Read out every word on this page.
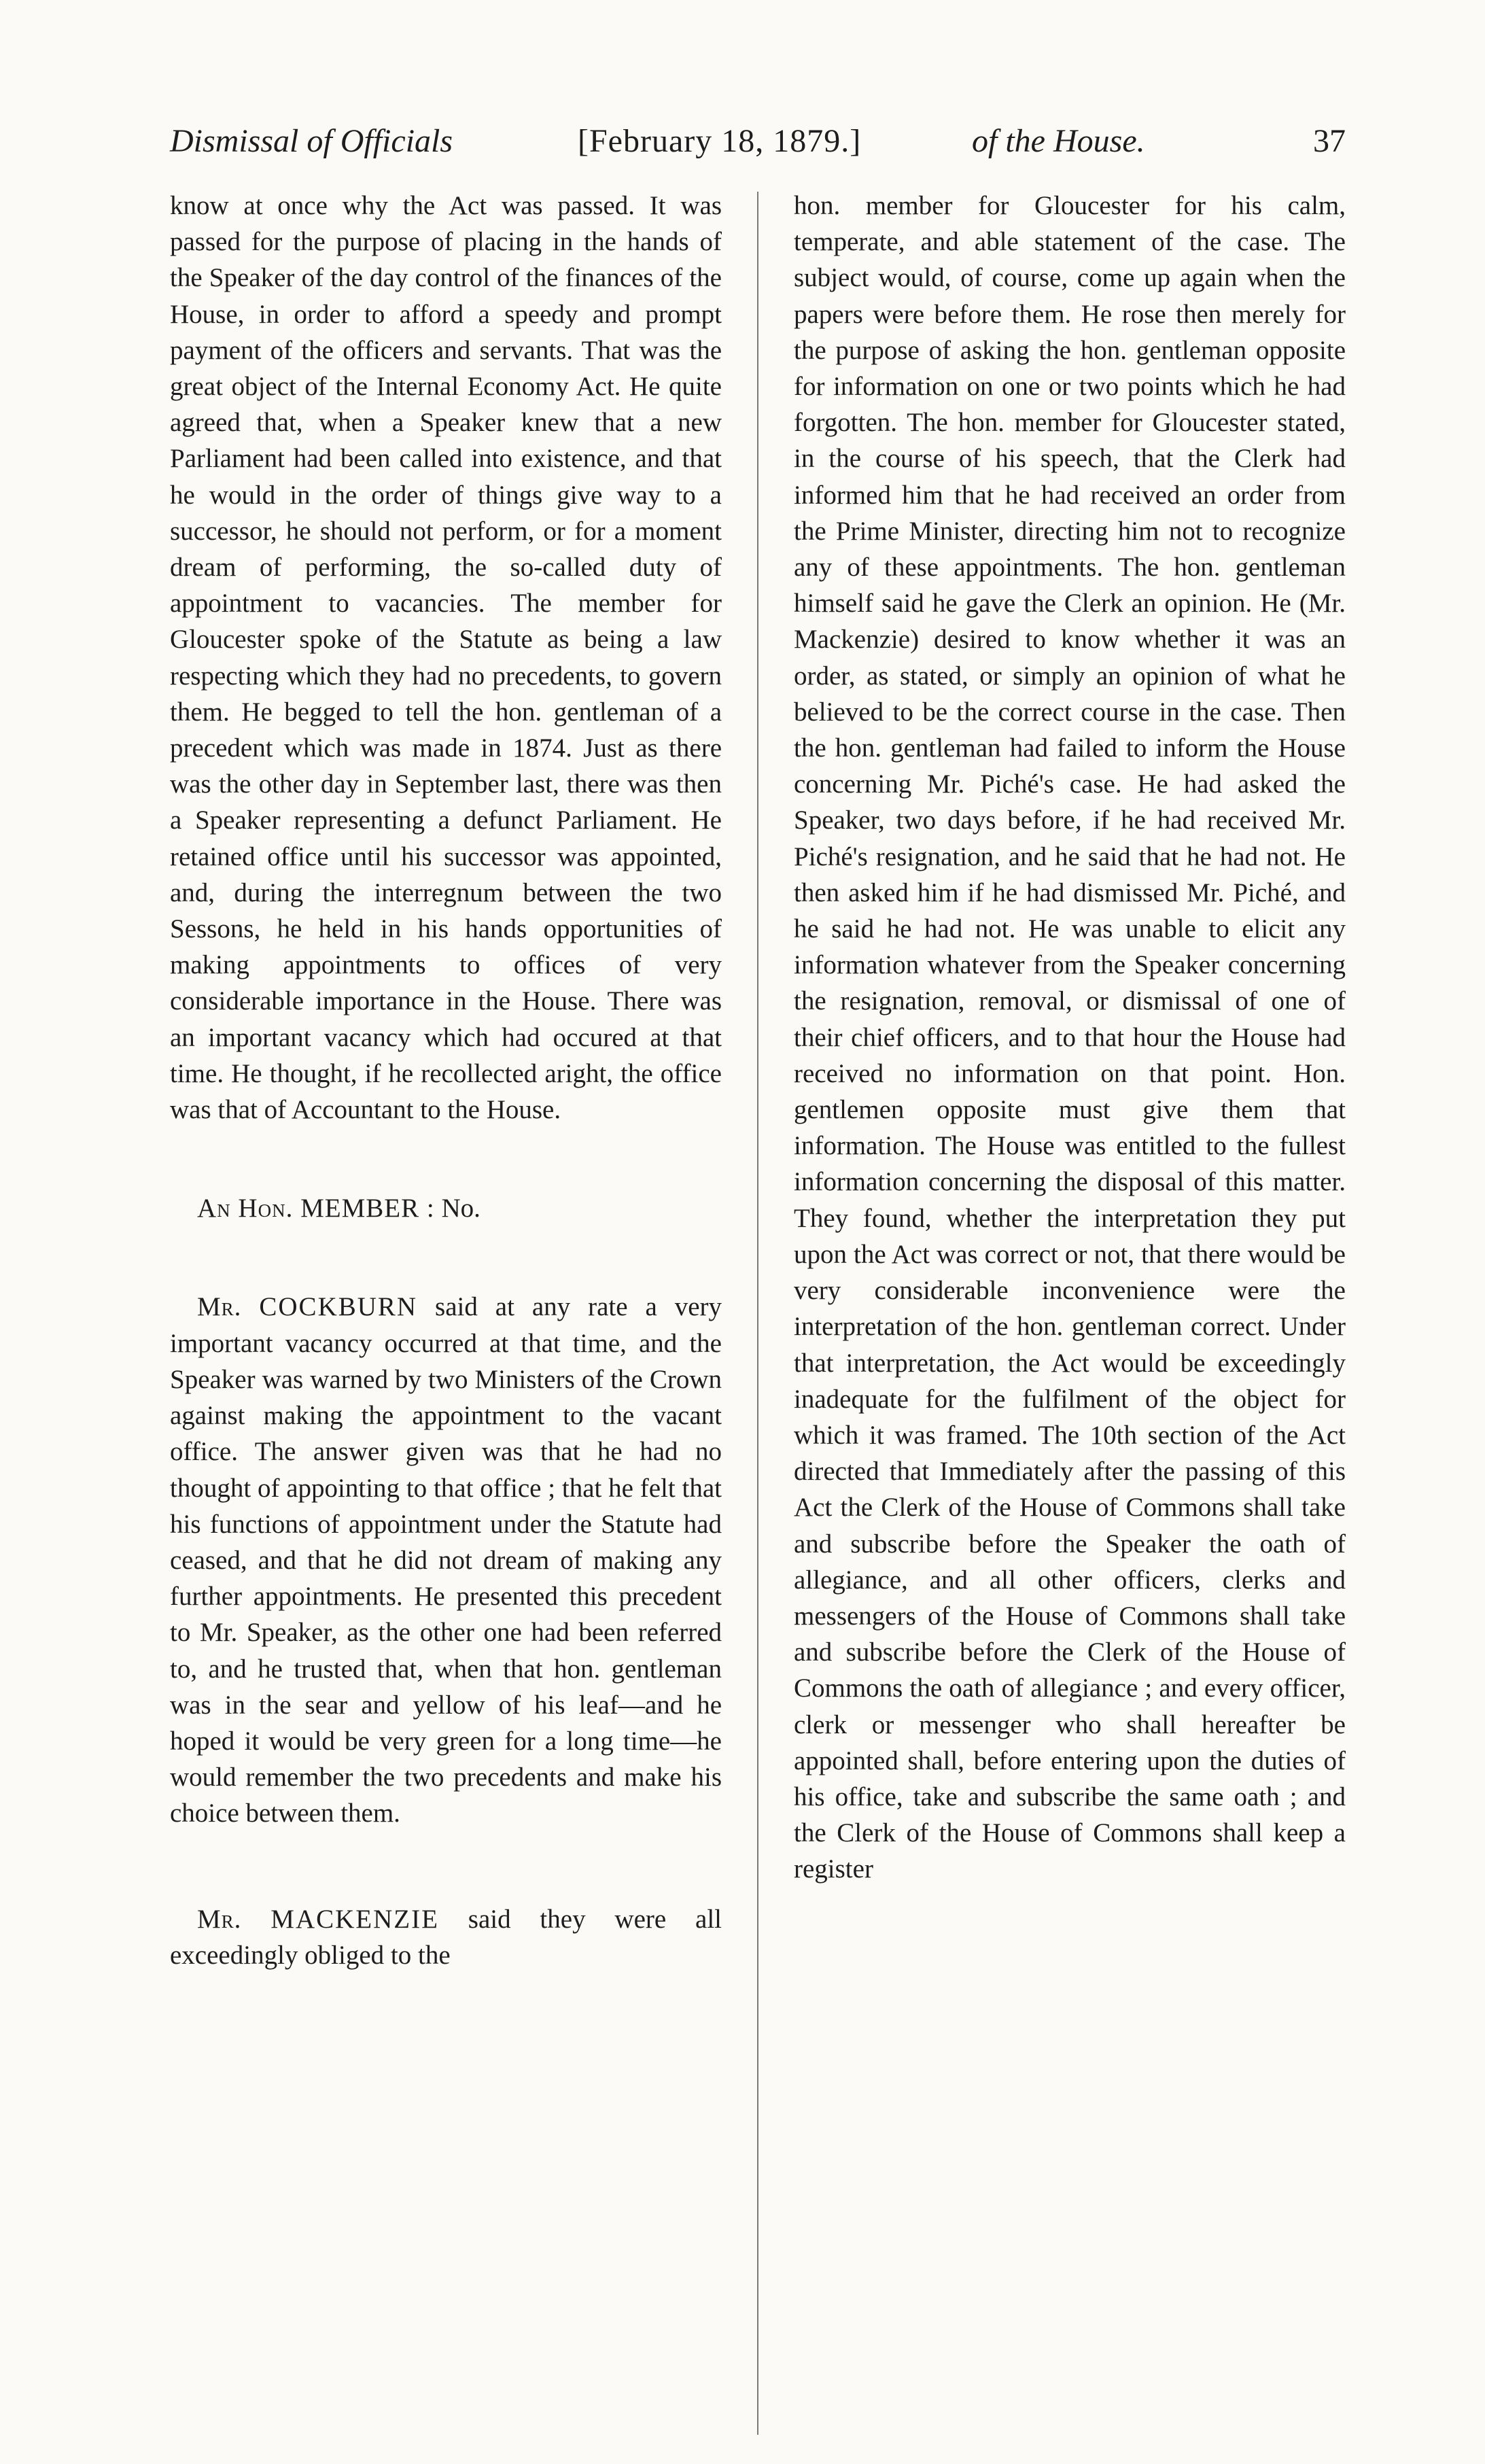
Dismissal of Officials	[February 18, 1879.]	of the House.	37

know at once why the Act was passed. It was passed for the purpose of placing in the hands of the Speaker of the day control of the finances of the House, in order to afford a speedy and prompt payment of the officers and servants. That was the great object of the Internal Economy Act. He quite agreed that, when a Speaker knew that a new Parliament had been called into existence, and that he would in the order of things give way to a successor, he should not perform, or for a moment dream of performing, the so-called duty of appointment to vacancies. The member for Gloucester spoke of the Statute as being a law respecting which they had no precedents, to govern them. He begged to tell the hon. gentleman of a precedent which was made in 1874. Just as there was the other day in September last, there was then a Speaker representing a defunct Parliament. He retained office until his successor was appointed, and, during the interregnum between the two Sessons, he held in his hands opportunities of making appointments to offices of very considerable importance in the House. There was an important vacancy which had occured at that time. He thought, if he recollected aright, the office was that of Accountant to the House.

An Hon. MEMBER : No.

Mr. COCKBURN said at any rate a very important vacancy occurred at that time, and the Speaker was warned by two Ministers of the Crown against making the appointment to the vacant office. The answer given was that he had no thought of appointing to that office ; that he felt that his functions of appointment under the Statute had ceased, and that he did not dream of making any further appointments. He presented this precedent to Mr. Speaker, as the other one had been referred to, and he trusted that, when that hon. gentleman was in the sear and yellow of his leaf—and he hoped it would be very green for a long time—he would remember the two precedents and make his choice between them.

Mr. MACKENZIE said they were all exceedingly obliged to the

hon. member for Gloucester for his calm, temperate, and able statement of the case. The subject would, of course, come up again when the papers were before them. He rose then merely for the purpose of asking the hon. gentleman opposite for information on one or two points which he had forgotten. The hon. member for Gloucester stated, in the course of his speech, that the Clerk had informed him that he had received an order from the Prime Minister, directing him not to recognize any of these appointments. The hon. gentleman himself said he gave the Clerk an opinion. He (Mr. Mackenzie) desired to know whether it was an order, as stated, or simply an opinion of what he believed to be the correct course in the case. Then the hon. gentleman had failed to inform the House concerning Mr. Piché's case. He had asked the Speaker, two days before, if he had received Mr. Piché's resignation, and he said that he had not. He then asked him if he had dismissed Mr. Piché, and he said he had not. He was unable to elicit any information whatever from the Speaker concerning the resignation, removal, or dismissal of one of their chief officers, and to that hour the House had received no information on that point. Hon. gentlemen opposite must give them that information. The House was entitled to the fullest information concerning the disposal of this matter. They found, whether the interpretation they put upon the Act was correct or not, that there would be very considerable inconvenience were the interpretation of the hon. gentleman correct. Under that interpretation, the Act would be exceedingly inadequate for the fulfilment of the object for which it was framed. The 10th section of the Act directed that Immediately after the passing of this Act the Clerk of the House of Commons shall take and subscribe before the Speaker the oath of allegiance, and all other officers, clerks and messengers of the House of Commons shall take and subscribe before the Clerk of the House of Commons the oath of allegiance ; and every officer, clerk or messenger who shall hereafter be appointed shall, before entering upon the duties of his office, take and subscribe the same oath ; and the Clerk of the House of Commons shall keep a register
